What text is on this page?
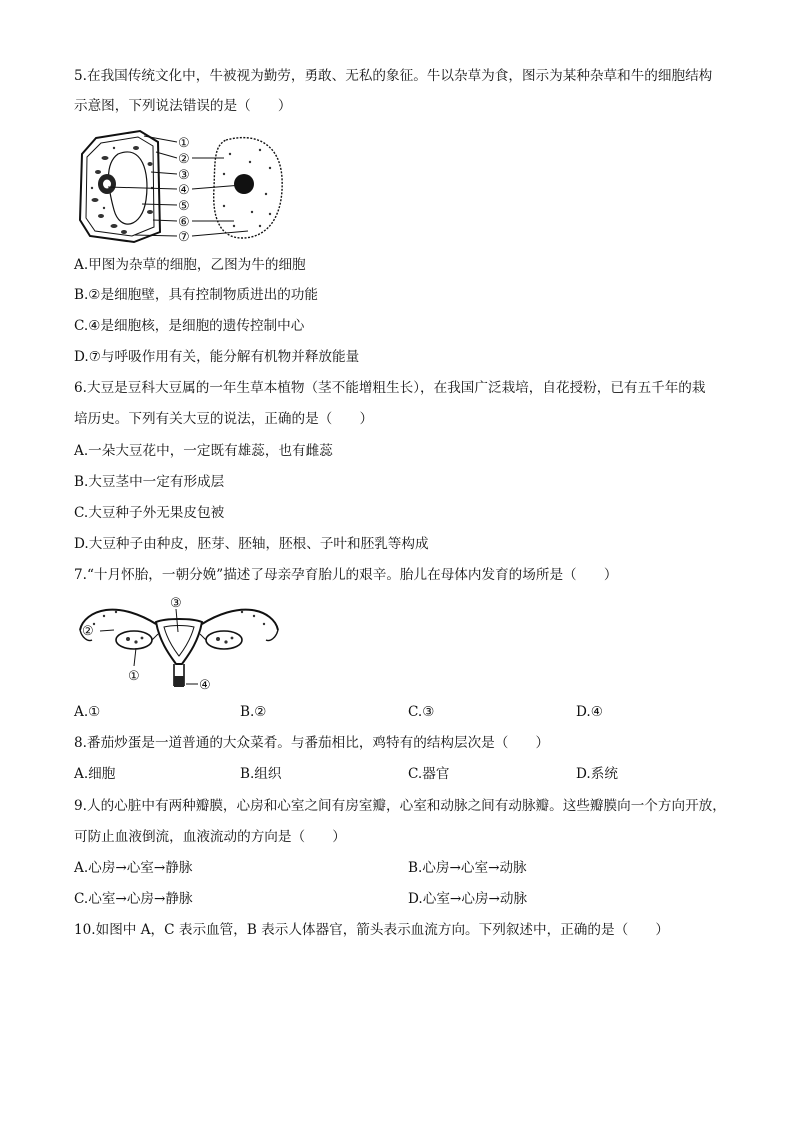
5.在我国传统文化中，牛被视为勤劳，勇敢、无私的象征。牛以杂草为食，图示为某种杂草和牛的细胞结构
示意图，下列说法错误的是（　　）
①
②
③
④
⑤
⑥
⑦
A.甲图为杂草的细胞，乙图为牛的细胞
B.②是细胞壁，具有控制物质进出的功能
C.④是细胞核，是细胞的遗传控制中心
D.⑦与呼吸作用有关，能分解有机物并释放能量
6.大豆是豆科大豆属的一年生草本植物（茎不能增粗生长），在我国广泛栽培，自花授粉，已有五千年的栽
培历史。下列有关大豆的说法，正确的是（　　）
A.一朵大豆花中，一定既有雄蕊，也有雌蕊
B.大豆茎中一定有形成层
C.大豆种子外无果皮包被
D.大豆种子由种皮，胚芽、胚轴，胚根、子叶和胚乳等构成
7.“十月怀胎，一朝分娩”描述了母亲孕育胎儿的艰辛。胎儿在母体内发育的场所是（　　）
③
②
①
④
A.①	B.②	C.③	D.④
8.番茄炒蛋是一道普通的大众菜肴。与番茄相比，鸡特有的结构层次是（　　）
A.细胞	B.组织	C.器官	D.系统
9.人的心脏中有两种瓣膜，心房和心室之间有房室瓣，心室和动脉之间有动脉瓣。这些瓣膜向一个方向开放，
可防止血液倒流，血液流动的方向是（　　）
A.心房→心室→静脉	B.心房→心室→动脉
C.心室→心房→静脉	D.心室→心房→动脉
10.如图中 A，C 表示血管，B 表示人体器官，箭头表示血流方向。下列叙述中，正确的是（　　）
